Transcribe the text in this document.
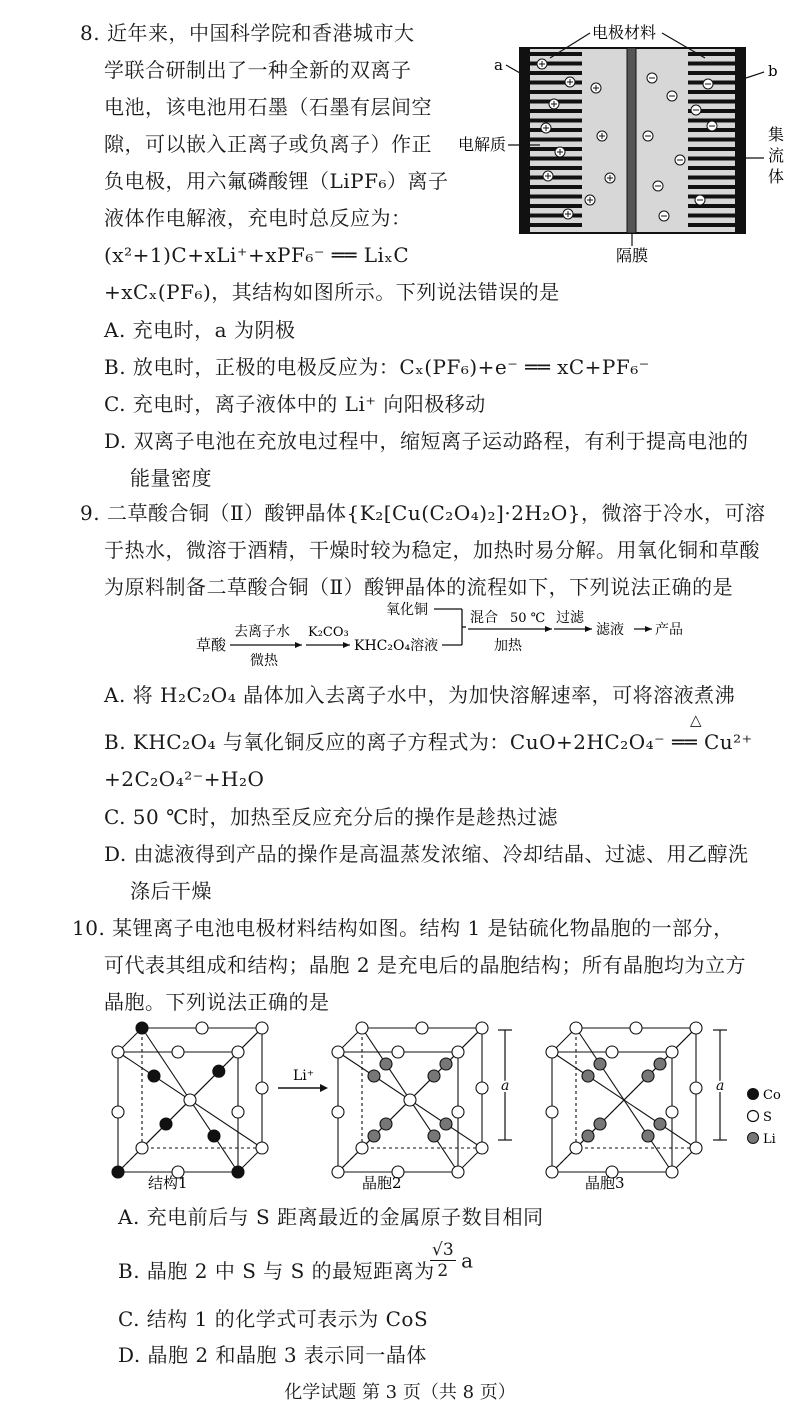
8. 近年来，中国科学院和香港城市大
学联合研制出了一种全新的双离子
电池，该电池用石墨（石墨有层间空
隙，可以嵌入正离子或负离子）作正
负电极，用六氟磷酸锂（LiPF₆）离子
液体作电解液，充电时总反应为：
(x²+1)C+xLi⁺+xPF₆⁻ ══ LiₓC
+xCₓ(PF₆)，其结构如图所示。下列说法错误的是
A. 充电时，a 为阴极
B. 放电时，正极的电极反应为：Cₓ(PF₆)+e⁻ ══ xC+PF₆⁻
C. 充电时，离子液体中的 Li⁺ 向阳极移动
D. 双离子电池在充放电过程中，缩短离子运动路程，有利于提高电池的
能量密度
电极材料
a	b
电解质
集
流
体
隔膜
9. 二草酸合铜（Ⅱ）酸钾晶体{K₂[Cu(C₂O₄)₂]·2H₂O}，微溶于冷水，可溶
于热水，微溶于酒精，干燥时较为稳定，加热时易分解。用氧化铜和草酸
为原料制备二草酸合铜（Ⅱ）酸钾晶体的流程如下，下列说法正确的是
草酸
去离子水
微热
K₂CO₃
KHC₂O₄溶液
氧化铜	混合 50 ℃
加热
过滤
滤液 产品
A. 将 H₂C₂O₄ 晶体加入去离子水中，为加快溶解速率，可将溶液煮沸
B. KHC₂O₄ 与氧化铜反应的离子方程式为：CuO+2HC₂O₄⁻ ══ Cu²⁺
△
+2C₂O₄²⁻+H₂O
C. 50 ℃时，加热至反应充分后的操作是趁热过滤
D. 由滤液得到产品的操作是高温蒸发浓缩、冷却结晶、过滤、用乙醇洗
涤后干燥
10. 某锂离子电池电极材料结构如图。结构 1 是钴硫化物晶胞的一部分，
可代表其组成和结构；晶胞 2 是充电后的晶胞结构；所有晶胞均为立方
晶胞。下列说法正确的是
Li⁺
a	a
Co
S
Li
结构1	晶胞2	晶胞3
A. 充电前后与 S 距离最近的金属原子数目相同
B. 晶胞 2 中 S 与 S 的最短距离为
$\frac{√3}{2}$ a
C. 结构 1 的化学式可表示为 CoS
D. 晶胞 2 和晶胞 3 表示同一晶体
化学试题 第 3 页（共 8 页）
